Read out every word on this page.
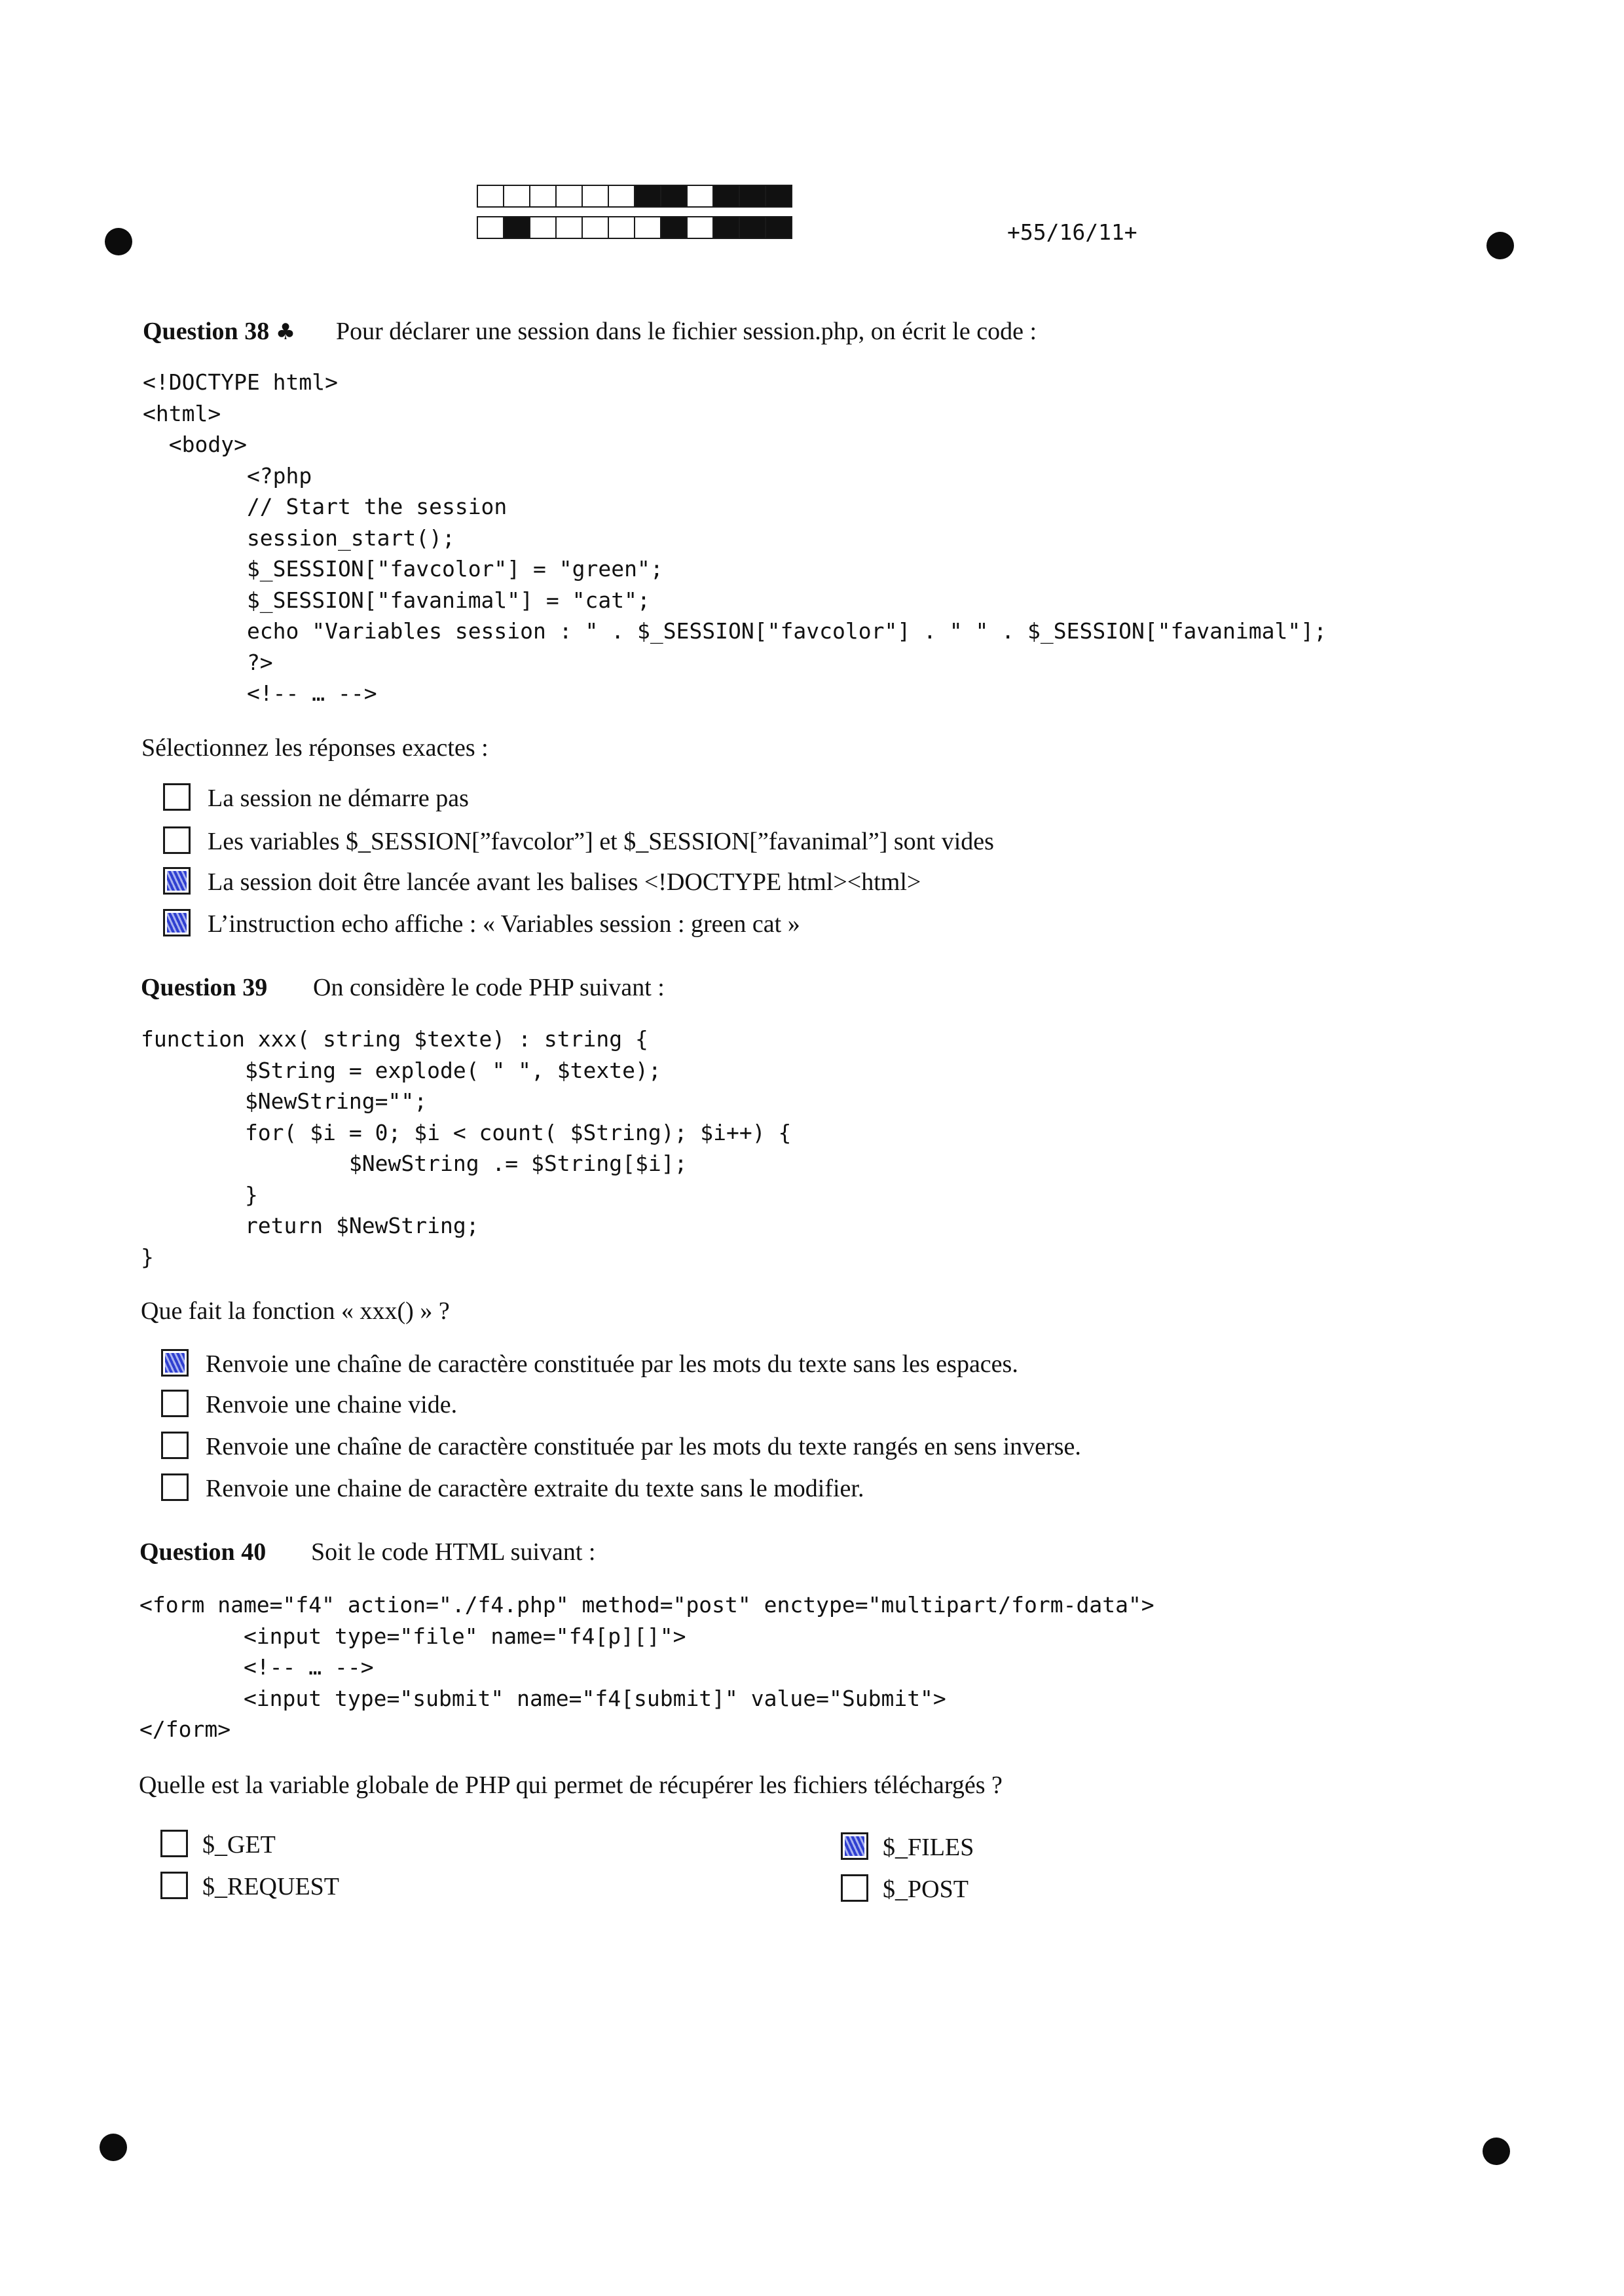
+55/16/11+
Question 38 ♣ Pour déclarer une session dans le fichier session.php, on écrit le code :
<!DOCTYPE html>
<html>
<body>
<?php
// Start the session
session_start();
$_SESSION["favcolor"] = "green";
$_SESSION["favanimal"] = "cat";
echo "Variables session : " . $_SESSION["favcolor"] . " " . $_SESSION["favanimal"];
?>
<!-- … -->
Sélectionnez les réponses exactes :
La session ne démarre pas
Les variables $_SESSION[”favcolor”] et $_SESSION[”favanimal”] sont vides
La session doit être lancée avant les balises <!DOCTYPE html><html>
L’instruction echo affiche : « Variables session : green cat »
Question 39 On considère le code PHP suivant :
function xxx( string $texte) : string {
$String = explode( " ", $texte);
$NewString="";
for( $i = 0; $i < count( $String); $i++) {
$NewString .= $String[$i];
}
return $NewString;
}
Que fait la fonction « xxx() » ?
Renvoie une chaîne de caractère constituée par les mots du texte sans les espaces.
Renvoie une chaine vide.
Renvoie une chaîne de caractère constituée par les mots du texte rangés en sens inverse.
Renvoie une chaine de caractère extraite du texte sans le modifier.
Question 40 Soit le code HTML suivant :
<form name="f4" action="./f4.php" method="post" enctype="multipart/form-data">
<input type="file" name="f4[p][]">
<!-- … -->
<input type="submit" name="f4[submit]" value="Submit">
</form>
Quelle est la variable globale de PHP qui permet de récupérer les fichiers téléchargés ?
$_GET
$_REQUEST
$_FILES
$_POST
